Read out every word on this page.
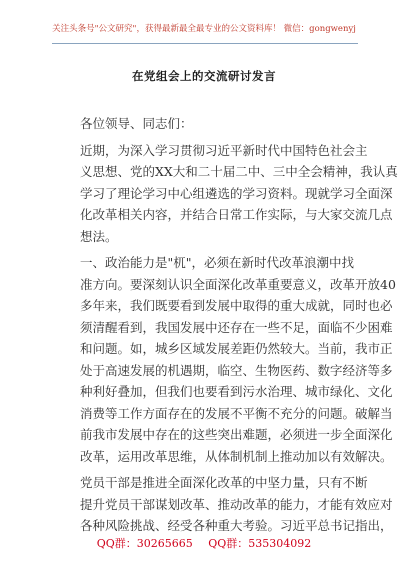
关注头条号"公文研究"，获得最新最全最专业的公文资料库！ 微信：gongwenyj
在党组会上的交流研讨发言
各位领导、同志们：
近期，为深入学习贯彻习近平新时代中国特色社会主
义思想、党的XX大和二十届二中、三中全会精神，我认真
学习了理论学习中心组遴选的学习资料。现就学习全面深
化改革相关内容，并结合日常工作实际，与大家交流几点
想法。
一、政治能力是"杌"，必须在新时代改革浪潮中找
准方向。要深刻认识全面深化改革重要意义，改革开放40
多年来，我们既要看到发展中取得的重大成就，同时也必
须清醒看到，我国发展中还存在一些不足，面临不少困难
和问题。如，城乡区域发展差距仍然较大。当前，我市正
处于高速发展的机遇期，临空、生物医药、数字经济等多
种利好叠加，但我们也要看到污水治理、城市绿化、文化
消费等工作方面存在的发展不平衡不充分的问题。破解当
前我市发展中存在的这些突出难题，必须进一步全面深化
改革，运用改革思维，从体制机制上推动加以有效解决。
党员干部是推进全面深化改革的中坚力量，只有不断
提升党员干部谋划改革、推动改革的能力，才能有效应对
各种风险挑战、经受各种重大考验。习近平总书记指出，
QQ群：30265665 QQ群：535304092
